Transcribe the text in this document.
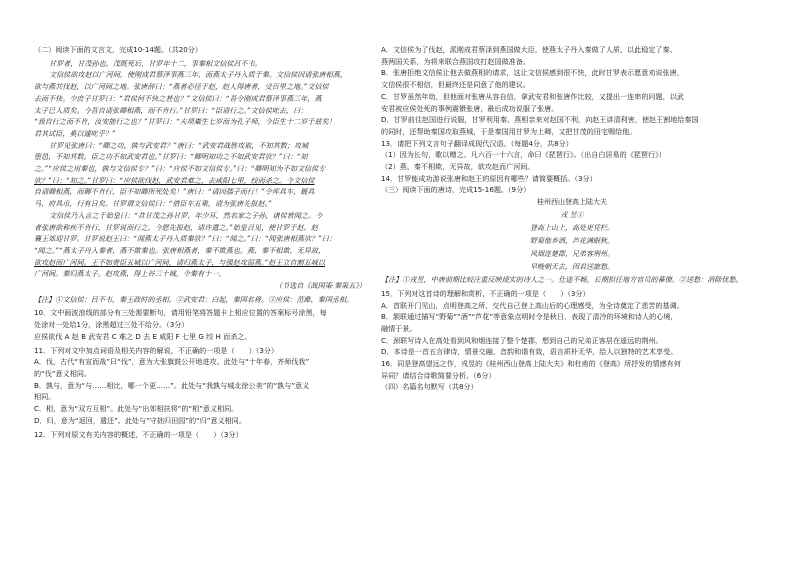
（二）阅读下面的文言文，完成10-14题。（共20分）
甘罗者，甘茂孙也。茂既死后，甘罗年十二，事秦相文信侯吕不韦。
文信侯欲攻赵以广河间，使刚成君蔡泽事燕三年，而燕太子丹入质于秦。文信侯因请张唐相燕，
欲与燕共伐赵，以广河间之地。张唐辞曰：“燕者必径于赵，赵人得唐者，受百里之地。”文信侯
去而不快。少庶子甘罗曰：“君侯何不快之甚也？”文信侯曰：“吾令刚成君蔡泽事燕三年，燕
太子已入质矣。今吾自请张卿相燕，而不肯行。”甘罗曰：“臣请行之。”文信侯叱去，曰：
“我自行之而不肯，汝安能行之也？”甘罗曰：“夫项橐生七岁而为孔子师，今臣生十二岁于兹矣！
君其试臣，奚以遽叱乎？”
甘罗见张唐曰：“卿之功，孰与武安君？”唐曰：“武安君战胜攻取，不知其数；攻城
堕邑，不知其数。臣之功不如武安君也。”甘罗曰：“卿明知功之不如武安君欤？”曰：“知
之。”“应侯之用秦也，孰与文信侯专？”曰：“应侯不如文信侯专。”曰：“卿明知为不如文信侯专
欤？”曰：“知之。”甘罗曰：“应侯欲伐赵，武安君难之，去咸阳七里，绞而杀之。今文信侯
自请卿相燕，而卿不肯行，臣不知卿所死处矣！”唐曰：“请因孺子而行！”令库具车，厩具
马，府具币，行有日矣。甘罗谓文信侯曰：“借臣车五乘，请为张唐先报赵。”
文信侯乃入言之于始皇曰：“昔甘茂之孙甘罗，年少耳，然名家之子孙，诸侯皆闻之。今
者张唐欲称疾不肯行，甘罗说而行之。今愿先报赵，请许遣之。”始皇召见，使甘罗于赵。赵
襄王郊迎甘罗。甘罗说赵王曰：“闻燕太子丹入质秦欤？”曰：“闻之。”曰：“闻张唐相燕欤？”曰：
“闻之。”“燕太子丹入秦者，燕不欺秦也。张唐相燕者，秦不欺燕也。燕、秦不相欺，无异故，
欲攻赵而广河间。王不如赍臣五城以广河间，请归燕太子，与强赵攻弱燕。”赵王立自割五城以
广河间。秦归燕太子。赵攻燕，得上谷三十城，令秦有十一。
（节选自《战国策·秦策五》）
【注】①文信侯：吕不韦，秦王政时的丞相。②武安君：白起，秦国名将。③应侯：范雎，秦国丞相。
10．文中画波浪线的部分有三处需要断句，请用铅笔将答题卡上相应位置的答案标号涂黑，每
处涂对一处给1分，涂黑超过三处不给分。（3分）
应侯欲伐 A 赵 B 武安君 C 难之 D 去 E 咸阳 F 七里 G 绞 H 而杀之。
11．下列对文中加点词语及相关内容的解说，不正确的一项是（　　）（3分）
A．伐，古代“有宣而战”曰“伐”，意为大张旗鼓公开地进攻。此处与“十年春，齐师伐我”
的“伐”意义相同。
B．孰与，意为“与……相比，哪一个更……”。此处与“我孰与城北徐公美”的“孰与”意义
相同。
C．相，意为“双方互相”。此处与“出郊相扶将”的“相”意义相同。
D．归，意为“返回，遣还”。此处与“守拙归田园”的“归”意义相同。
12．下列对原文有关内容的概述，不正确的一项是（　　）（3分）
A．文信侯为了伐赵，派刚成君蔡泽到燕国做大臣，使燕太子丹入秦做了人质，以此稳定了秦、
燕两国关系，为将来联合燕国攻打赵国做准备。
B．张唐拒绝文信侯让他去做燕相的请求，这让文信侯感到很不快，此时甘罗表示愿意劝说张唐，
文信侯很不相信，但最终还是同意了他的建议。
C．甘罗虽然年幼，但他面对张唐从容自信，拿武安君和张唐作比较，又提出一连串的问题，以武
安君被应侯处死的事例震慑张唐，最后成功说服了张唐。
D．甘罗前往赵国进行说服，甘罗利用秦、燕相亲来对赵国不利，向赵王讲清利害，使赵王割地给秦国
的同时，还帮助秦国攻取燕城，于是秦国用甘罗为上卿，又把甘茂的田宅赐给他。
13．请把下列文言句子翻译成现代汉语。（每题4分，共8分）
（1）因为长句，歌以赠之。凡六百一十六言，命曰《琵琶行》。（出自白居易的《琵琶行》）
（2）燕、秦不相欺，无异故，欲攻赵而广河间。
14．甘罗能成功游说张唐和赵王的原因有哪些？请简要概括。（3分）
（三）阅读下面的唐诗，完成15-16题。（9分）
桂州西山登高上陆大夫
戎 昱①
登高上山上，高处更凭栏。
野菊他乡酒，芦花满眼秋。
风烟连楚郡，兄弟客荆州。
早晚朝天去，因君送旅愁。
【注】①戎昱，中唐前期比较注重反映现实的诗人之一。仕途不畅，长期担任地方官员的幕僚。②送愁：消除忧愁。
15．下列对这首诗的理解和赏析，不正确的一项是（　　）（3分）
A．首联开门见山，点明登高之所，交代自己登上高山后的心理感受，为全诗奠定了悲苦的基调。
B．颔联通过描写“野菊”“酒”“芦花”等意象点明时令是秋日，表现了清冷的环境和诗人的心境，
融情于景。
C．颈联写诗人在高处看到风和烟连接了整个楚郡，想到自己的兄弟正客居在遥远的荆州。
D．本诗是一首五言律诗，情景交融，音韵和谐有致，语言质朴无华，给人以独特的艺术享受。
16．同是登高望远之作，戎昱的《桂州西山登高上陆大夫》和杜甫的《登高》所抒发的情感有何
异同？请结合诗歌简要分析。（6分）
（四）名篇名句默写（共8分）
